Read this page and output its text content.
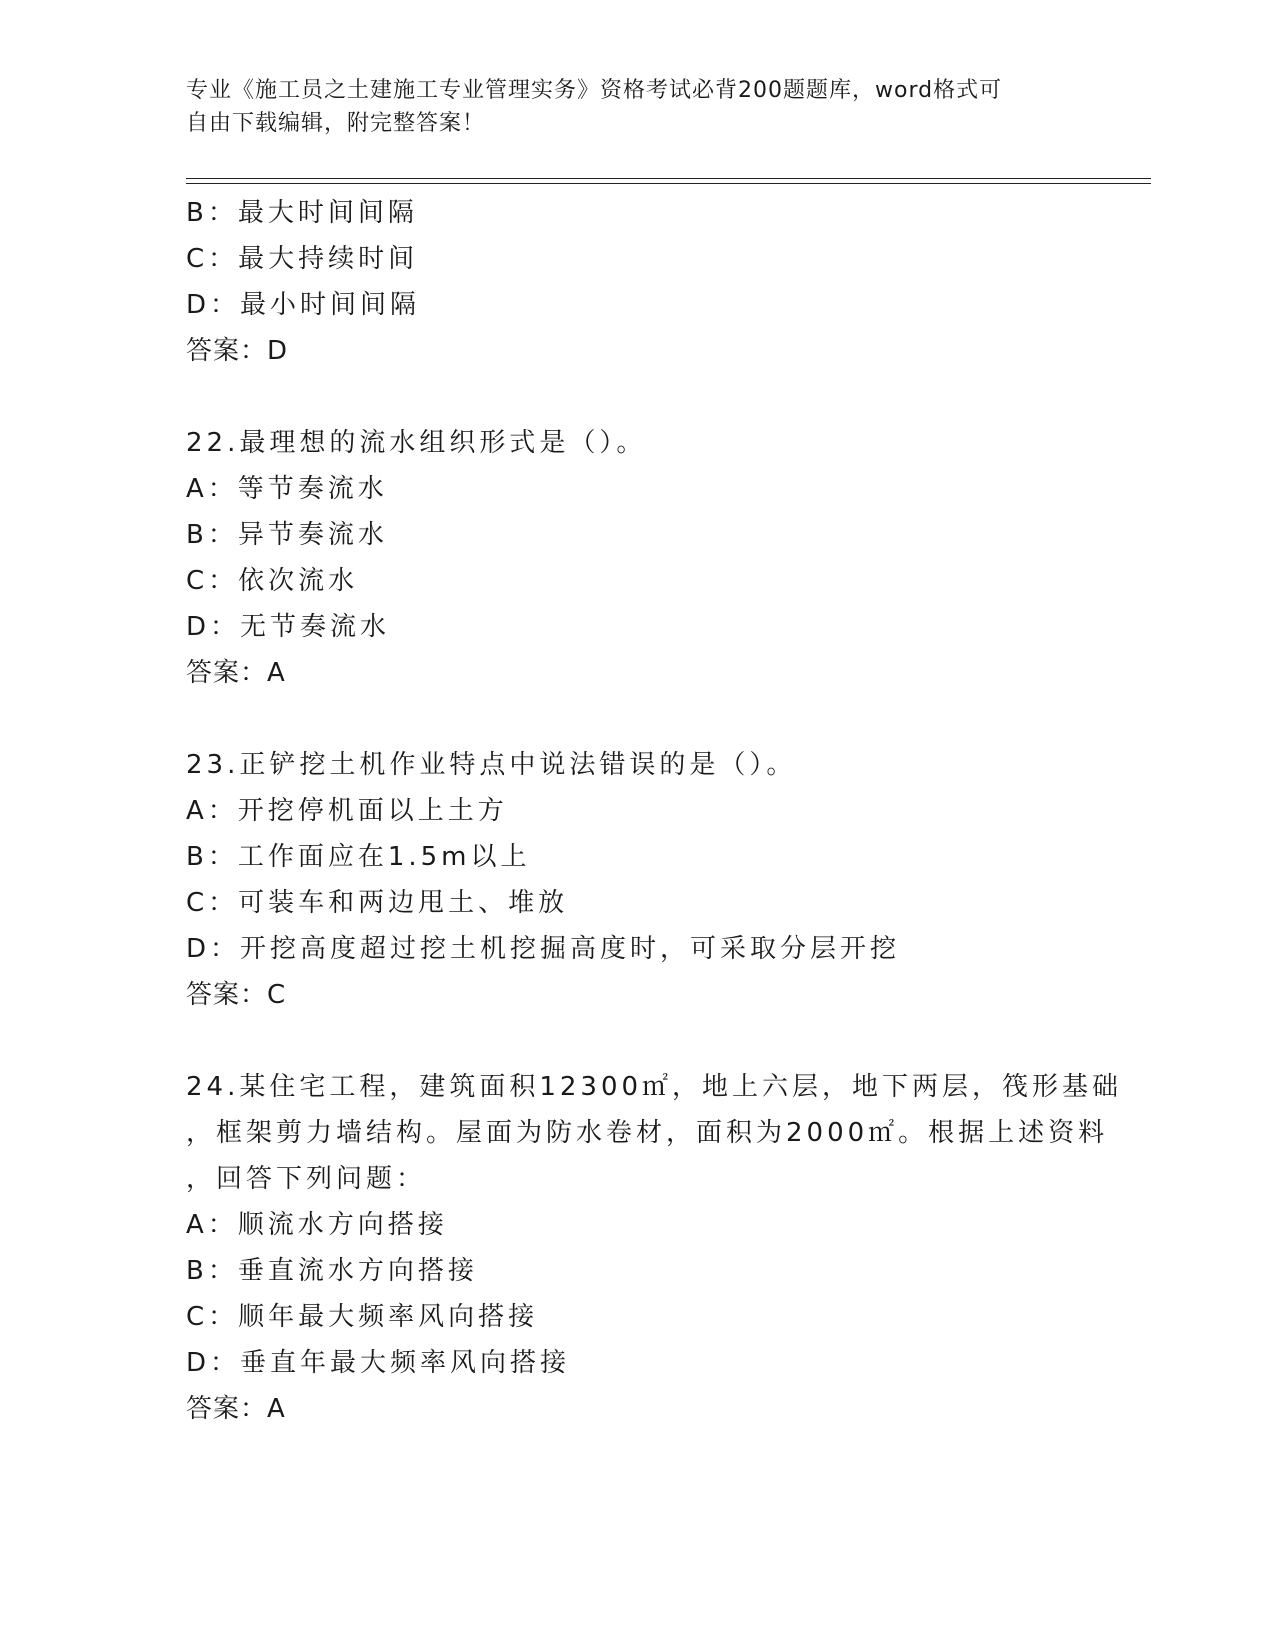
专业《施工员之土建施工专业管理实务》资格考试必背200题题库，word格式可
自由下载编辑，附完整答案！
B：最大时间间隔
C：最大持续时间
D：最小时间间隔
答案：D
22.最理想的流水组织形式是（）。
A：等节奏流水
B：异节奏流水
C：依次流水
D：无节奏流水
答案：A
23.正铲挖土机作业特点中说法错误的是（）。
A：开挖停机面以上土方
B：工作面应在1.5m以上
C：可装车和两边甩土、堆放
D：开挖高度超过挖土机挖掘高度时，可采取分层开挖
答案：C
24.某住宅工程，建筑面积12300㎡，地上六层，地下两层，筏形基础
，框架剪力墙结构。屋面为防水卷材，面积为2000㎡。根据上述资料
，回答下列问题：
A：顺流水方向搭接
B：垂直流水方向搭接
C：顺年最大频率风向搭接
D：垂直年最大频率风向搭接
答案：A
